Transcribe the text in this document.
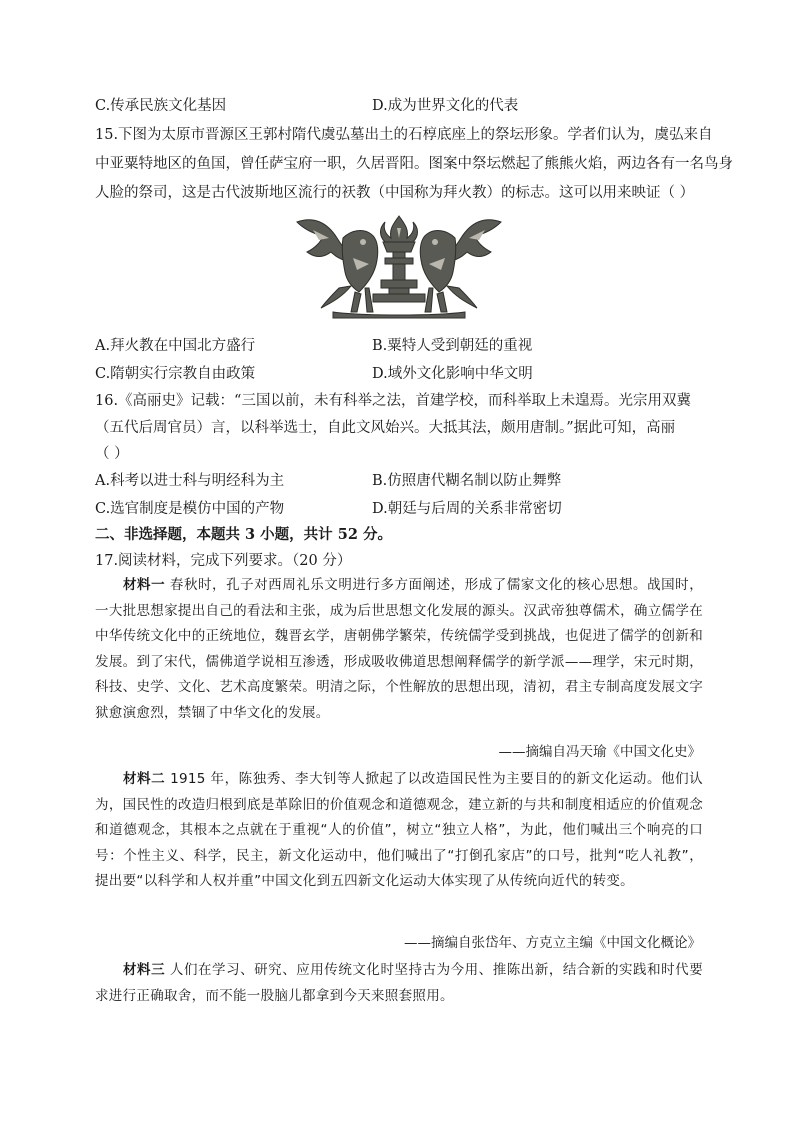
C.传承民族文化基因	D.成为世界文化的代表
15.下图为太原市晋源区王郭村隋代虞弘墓出土的石椁底座上的祭坛形象。学者们认为，虞弘来自
中亚粟特地区的鱼国，曾任萨宝府一职，久居晋阳。图案中祭坛燃起了熊熊火焰，两边各有一名鸟身
人脸的祭司，这是古代波斯地区流行的祆教（中国称为拜火教）的标志。这可以用来映证（ ）
A.拜火教在中国北方盛行	B.粟特人受到朝廷的重视
C.隋朝实行宗教自由政策	D.域外文化影响中华文明
16.《高丽史》记载：“三国以前，未有科举之法，首建学校，而科举取上未遑焉。光宗用双冀
（五代后周官员）言，以科举选士，自此文风始兴。大抵其法，颇用唐制。”据此可知，高丽
（ ）
A.科考以进士科与明经科为主	B.仿照唐代糊名制以防止舞弊
C.选官制度是模仿中国的产物	D.朝廷与后周的关系非常密切
二、非选择题，本题共 3 小题，共计 52 分。
17.阅读材料，完成下列要求。（20 分）
材料一 春秋时，孔子对西周礼乐文明进行多方面阐述，形成了儒家文化的核心思想。战国时，一大批思想家提出自己的看法和主张，成为后世思想文化发展的源头。汉武帝独尊儒术，确立儒学在中华传统文化中的正统地位，魏晋玄学，唐朝佛学繁荣，传统儒学受到挑战，也促进了儒学的创新和发展。到了宋代，儒佛道学说相互渗透，形成吸收佛道思想阐释儒学的新学派——理学，宋元时期，科技、史学、文化、艺术高度繁荣。明清之际，个性解放的思想出现，清初，君主专制高度发展文字狱愈演愈烈，禁锢了中华文化的发展。
——摘编自冯天瑜《中国文化史》
材料二 1915 年，陈独秀、李大钊等人掀起了以改造国民性为主要目的的新文化运动。他们认为，国民性的改造归根到底是革除旧的价值观念和道德观念，建立新的与共和制度相适应的价值观念和道德观念，其根本之点就在于重视“人的价值”，树立“独立人格”，为此，他们喊出三个响亮的口号：个性主义、科学，民主，新文化运动中，他们喊出了“打倒孔家店”的口号，批判“吃人礼教”，提出要“以科学和人权并重”中国文化到五四新文化运动大体实现了从传统向近代的转变。
——摘编自张岱年、方克立主编《中国文化概论》
材料三 人们在学习、研究、应用传统文化时坚持古为今用、推陈出新，结合新的实践和时代要求进行正确取舍，而不能一股脑儿都拿到今天来照套照用。
